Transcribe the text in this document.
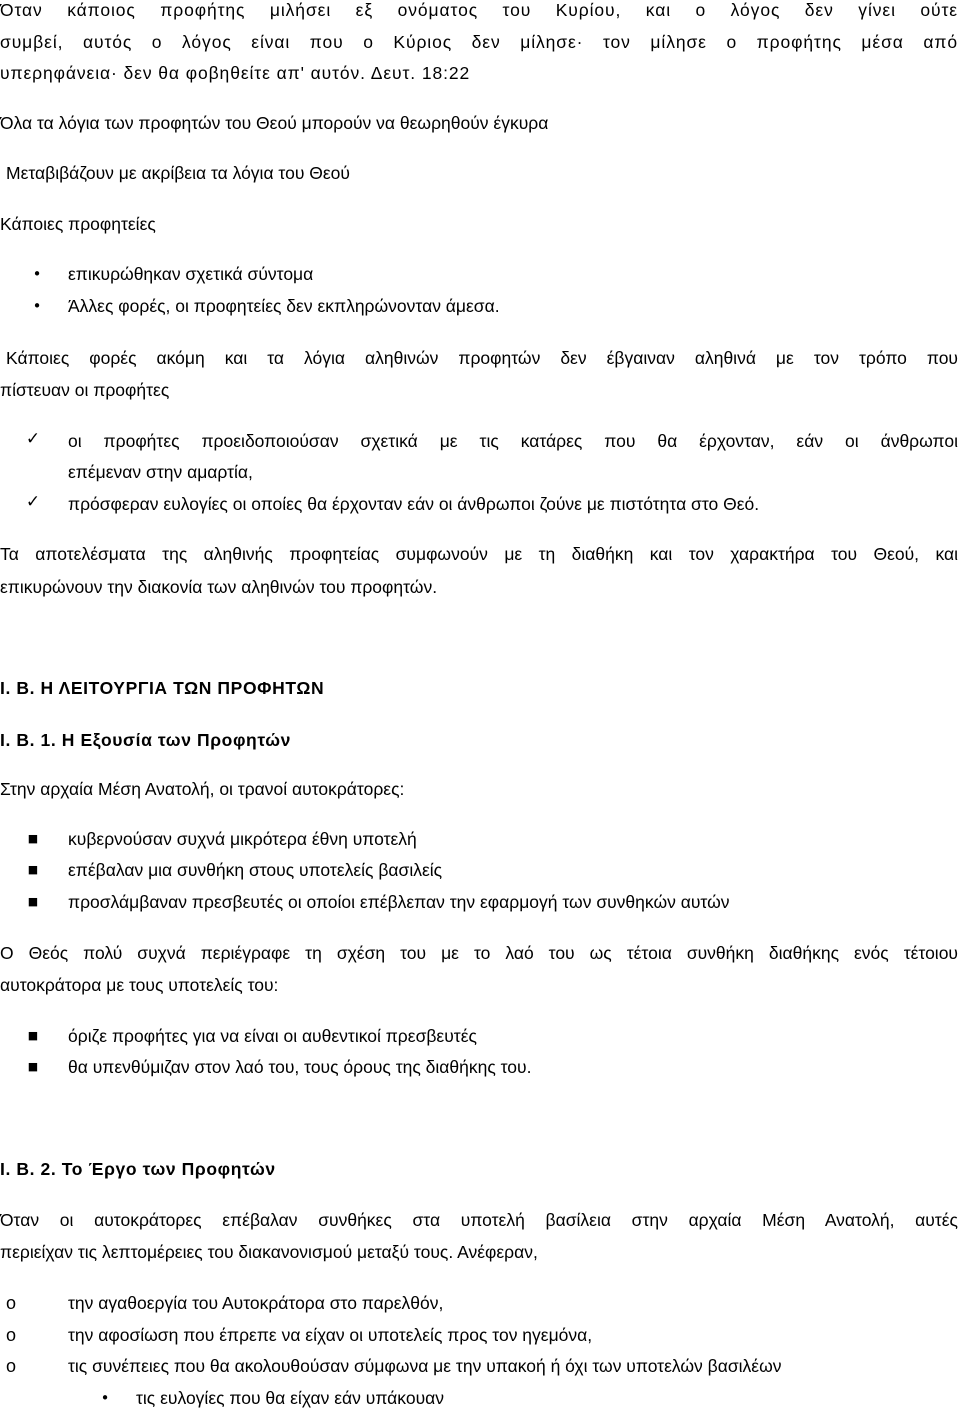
Όταν κάποιος προφήτης μιλήσει εξ ονόματος του Κυρίου, και ο λόγος δεν γίνει ούτε
συμβεί, αυτός ο λόγος είναι που ο Κύριος δεν μίλησε· τον μίλησε ο προφήτης μέσα από
υπερηφάνεια· δεν θα φοβηθείτε απ' αυτόν. Δευτ. 18:22
Όλα τα λόγια των προφητών του Θεού μπορούν να θεωρηθούν έγκυρα
Μεταβιβάζουν με ακρίβεια τα λόγια του Θεού
Κάποιες προφητείες
•	επικυρώθηκαν σχετικά σύντομα
•	Άλλες φορές, οι προφητείες δεν εκπληρώνονταν άμεσα.
Κάποιες φορές ακόμη και τα λόγια αληθινών προφητών δεν έβγαιναν αληθινά με τον τρόπο που
πίστευαν οι προφήτες
✓ οι προφήτες προειδοποιούσαν σχετικά με τις κατάρες που θα έρχονταν, εάν οι άνθρωποι
επέμεναν στην αμαρτία,
✓ πρόσφεραν ευλογίες οι οποίες θα έρχονταν εάν οι άνθρωποι ζούνε με πιστότητα στο Θεό.
Τα αποτελέσματα της αληθινής προφητείας συμφωνούν με τη διαθήκη και τον χαρακτήρα του Θεού, και
επικυρώνουν την διακονία των αληθινών του προφητών.
I. B. Η ΛΕΙΤΟΥΡΓΙΑ ΤΩΝ ΠΡΟΦΗΤΩΝ
I. B. 1. Η Εξουσία των Προφητών
Στην αρχαία Μέση Ανατολή, οι τρανοί αυτοκράτορες:
■	κυβερνούσαν συχνά μικρότερα έθνη υποτελή
■	επέβαλαν μια συνθήκη στους υποτελείς βασιλείς
■	προσλάμβαναν πρεσβευτές οι οποίοι επέβλεπαν την εφαρμογή των συνθηκών αυτών
Ο Θεός πολύ συχνά περιέγραφε τη σχέση του με το λαό του ως τέτοια συνθήκη διαθήκης ενός τέτοιου
αυτοκράτορα με τους υποτελείς του:
■	όριζε προφήτες για να είναι οι αυθεντικοί πρεσβευτές
■	θα υπενθύμιζαν στον λαό του, τους όρους της διαθήκης του.
I. B. 2. Το Έργο των Προφητών
Όταν οι αυτοκράτορες επέβαλαν συνθήκες στα υποτελή βασίλεια στην αρχαία Μέση Ανατολή, αυτές
περιείχαν τις λεπτομέρειες του διακανονισμού μεταξύ τους. Ανέφεραν,
o	την αγαθοεργία του Αυτοκράτορα στο παρελθόν,
o	την αφοσίωση που έπρεπε να είχαν οι υποτελείς προς τον ηγεμόνα,
o	τις συνέπειες που θα ακολουθούσαν σύμφωνα με την υπακοή ή όχι των υποτελών βασιλέων
•	τις ευλογίες που θα είχαν εάν υπάκουαν
